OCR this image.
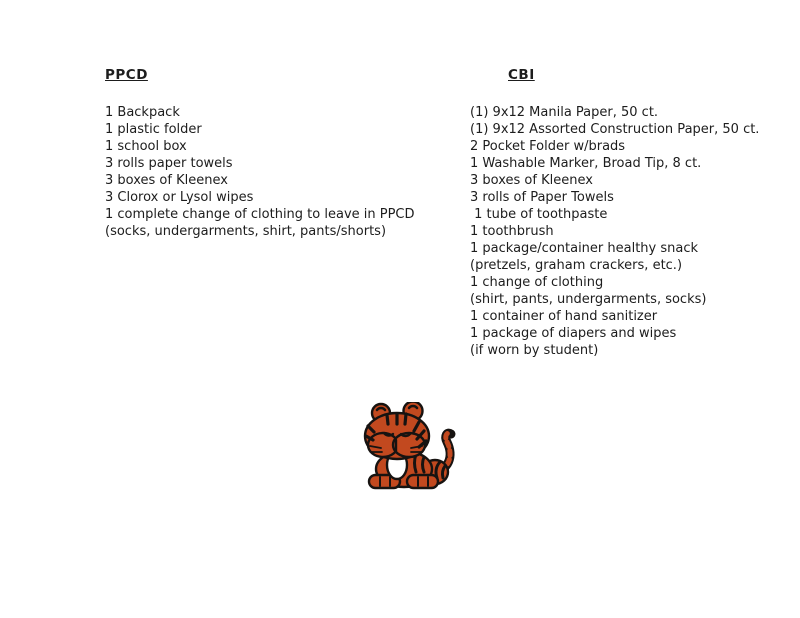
PPCD
1 Backpack
1 plastic folder
1 school box
3 rolls paper towels
3 boxes of Kleenex
3 Clorox or Lysol wipes
1 complete change of clothing to leave in PPCD
(socks, undergarments, shirt, pants/shorts)
CBI
(1) 9x12 Manila Paper, 50 ct.
(1) 9x12 Assorted Construction Paper, 50 ct.
2 Pocket Folder w/brads
1 Washable Marker, Broad Tip, 8 ct.
3 boxes of Kleenex
3 rolls of Paper Towels
1 tube of toothpaste
1 toothbrush
1 package/container healthy snack
(pretzels, graham crackers, etc.)
1 change of clothing
(shirt, pants, undergarments, socks)
1 container of hand sanitizer
1 package of diapers and wipes
(if worn by student)
